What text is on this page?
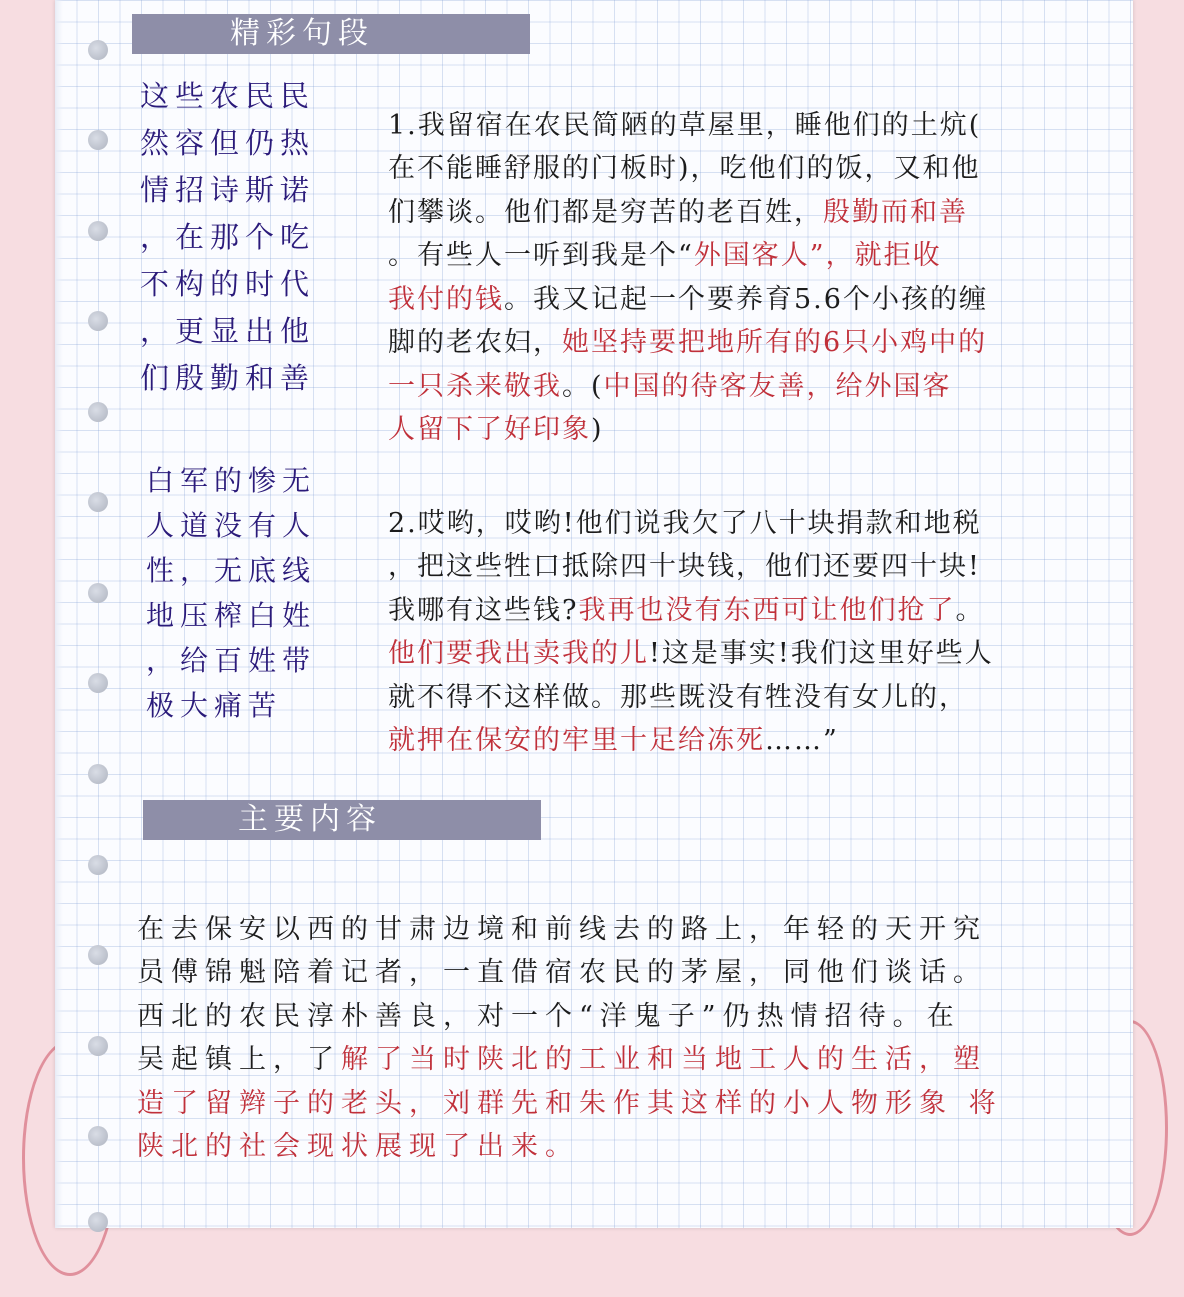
精彩句段
这些农民民
然容但仍热
情招诗斯诺
，在那个吃
不构的时代
，更显出他
们殷勤和善

1.我留宿在农民简陋的草屋里，睡他们的土炕(
在不能睡舒服的门板时)，吃他们的饭，又和他
们攀谈。他们都是穷苦的老百姓，殷勤而和善
。有些人一听到我是个“外国客人”，就拒收
我付的钱。我又记起一个要养育5.6个小孩的缠
脚的老农妇，她坚持要把地所有的6只小鸡中的
一只杀来敬我。(中国的待客友善，给外国客
人留下了好印象)

白军的惨无
人道没有人
性，无底线
地压榨白姓
，给百姓带
极大痛苦

2.哎哟，哎哟!他们说我欠了八十块捐款和地税
，把这些牲口抵除四十块钱，他们还要四十块!
我哪有这些钱?我再也没有东西可让他们抢了。
他们要我出卖我的儿!这是事实!我们这里好些人
就不得不这样做。那些既没有牲没有女儿的，
就押在保安的牢里十足给冻死……”

主要内容

在去保安以西的甘肃边境和前线去的路上，年轻的天开究
员傅锦魁陪着记者，一直借宿农民的茅屋，同他们谈话。
西北的农民淳朴善良，对一个“洋鬼子”仍热情招待。在
吴起镇上，了解了当时陕北的工业和当地工人的生活，塑
造了留辫子的老头，刘群先和朱作其这样的小人物形象 将
陕北的社会现状展现了出来。
